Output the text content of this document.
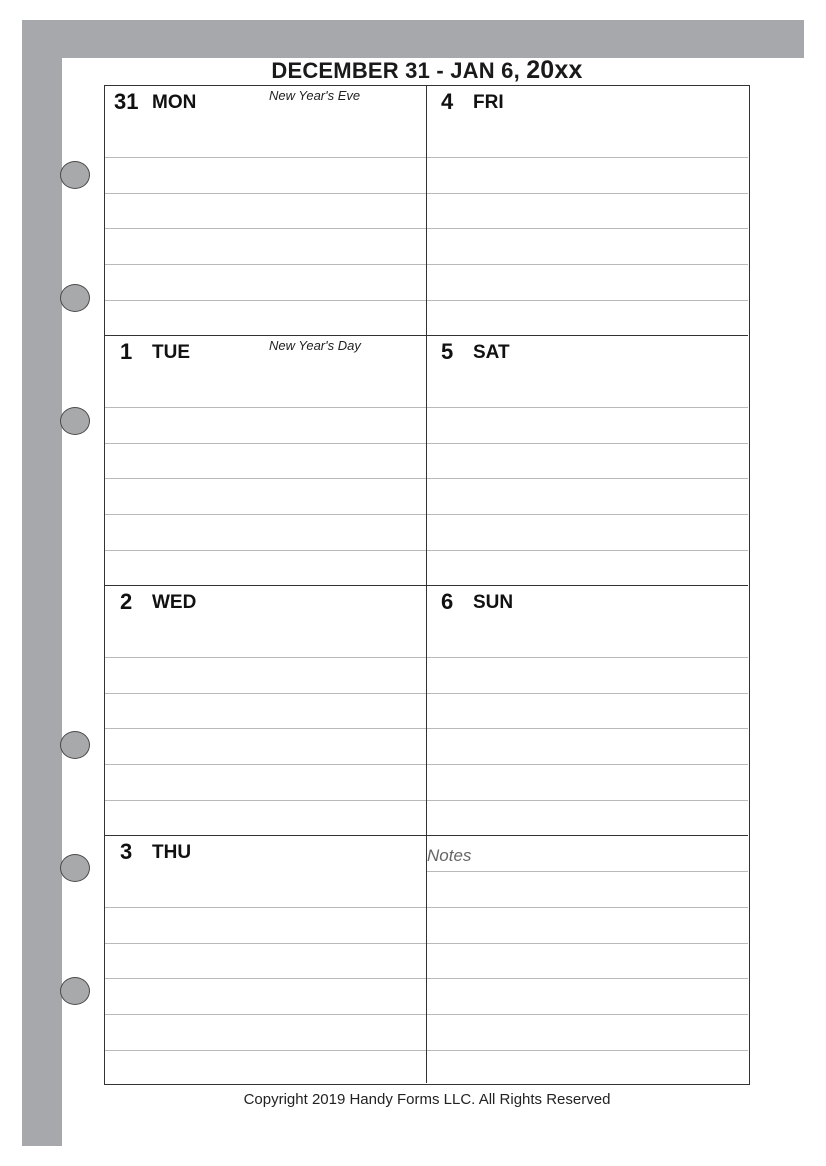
DECEMBER 31 - JAN 6, 20xx
31 MON	New Year's Eve	4 FRI
1 TUE	New Year's Day	5 SAT
2 WED	6 SUN
3 THU	Notes
Copyright 2019 Handy Forms LLC. All Rights Reserved
